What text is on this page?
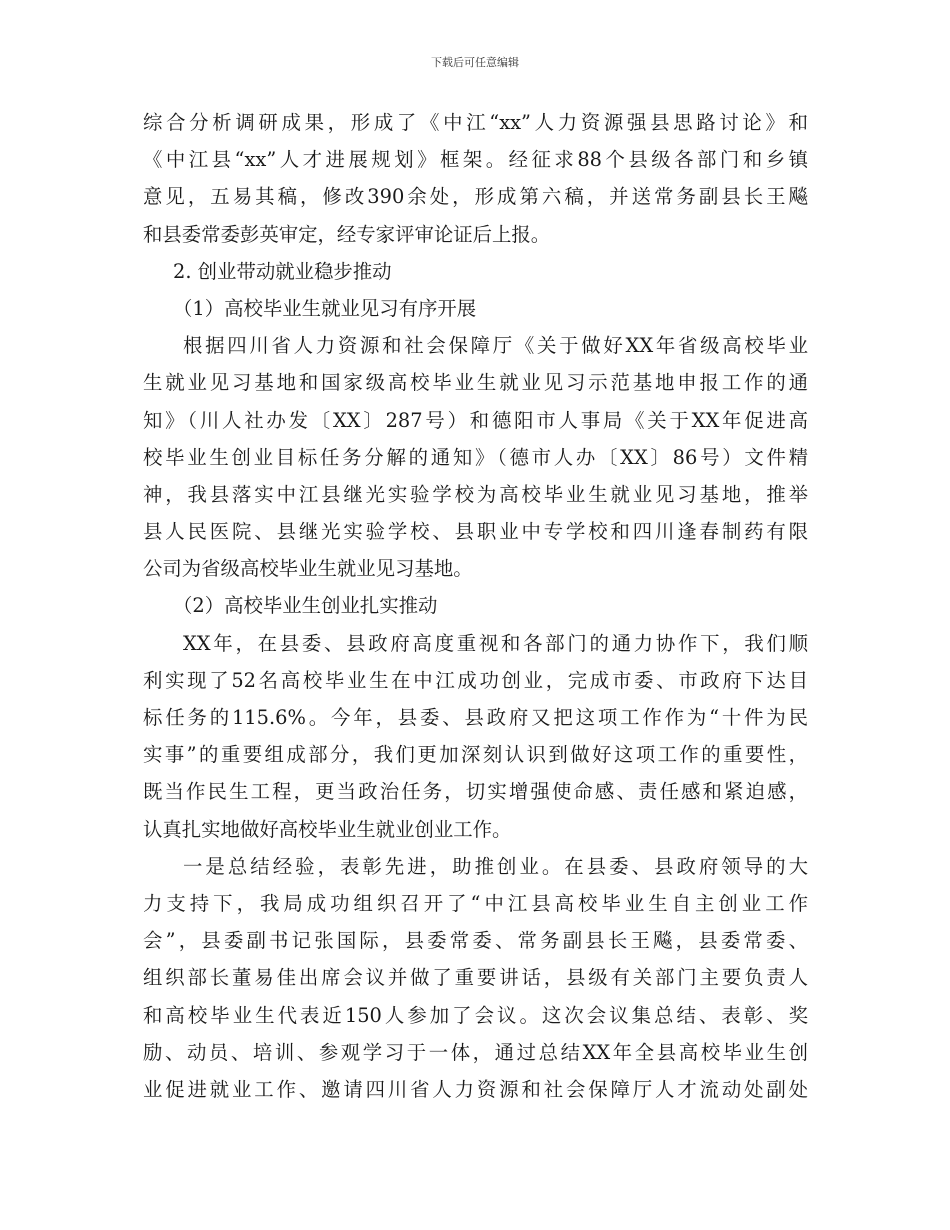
下载后可任意编辑
综合分析调研成果，形成了《中江“xx”人力资源强县思路讨论》和
《中江县“xx”人才进展规划》框架。经征求88个县级各部门和乡镇
意见，五易其稿，修改390余处，形成第六稿，并送常务副县长王飚
和县委常委彭英审定，经专家评审论证后上报。
2. 创业带动就业稳步推动
（1）高校毕业生就业见习有序开展
根据四川省人力资源和社会保障厅《关于做好XX年省级高校毕业
生就业见习基地和国家级高校毕业生就业见习示范基地申报工作的通
知》（川人社办发〔XX〕287号）和德阳市人事局《关于XX年促进高
校毕业生创业目标任务分解的通知》（德市人办〔XX〕86号）文件精
神，我县落实中江县继光实验学校为高校毕业生就业见习基地，推举
县人民医院、县继光实验学校、县职业中专学校和四川逢春制药有限
公司为省级高校毕业生就业见习基地。
（2）高校毕业生创业扎实推动
XX年，在县委、县政府高度重视和各部门的通力协作下，我们顺
利实现了52名高校毕业生在中江成功创业，完成市委、市政府下达目
标任务的115.6%。今年，县委、县政府又把这项工作作为“十件为民
实事”的重要组成部分，我们更加深刻认识到做好这项工作的重要性，
既当作民生工程，更当政治任务，切实增强使命感、责任感和紧迫感，
认真扎实地做好高校毕业生就业创业工作。
一是总结经验，表彰先进，助推创业。在县委、县政府领导的大
力支持下，我局成功组织召开了“中江县高校毕业生自主创业工作
会”，县委副书记张国际，县委常委、常务副县长王飚，县委常委、
组织部长董易佳出席会议并做了重要讲话，县级有关部门主要负责人
和高校毕业生代表近150人参加了会议。这次会议集总结、表彰、奖
励、动员、培训、参观学习于一体，通过总结XX年全县高校毕业生创
业促进就业工作、邀请四川省人力资源和社会保障厅人才流动处副处
